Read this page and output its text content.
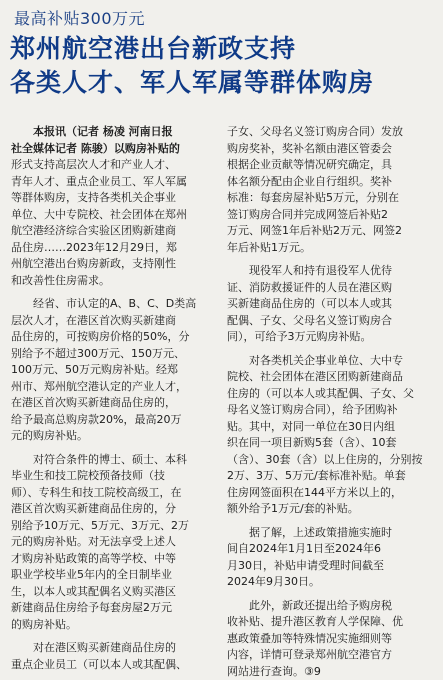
最高补贴300万元
郑州航空港出台新政支持
各类人才、军人军属等群体购房
本报讯（记者 杨凌 河南日报
社全媒体记者 陈骏）以购房补贴的
形式支持高层次人才和产业人才、
青年人才、重点企业员工、军人军属
等群体购房，支持各类机关企事业
单位、大中专院校、社会团体在郑州
航空港经济综合实验区团购新建商
品住房……2023年12月29日，郑
州航空港出台购房新政，支持刚性
和改善性住房需求。
经省、市认定的A、B、C、D类高
层次人才，在港区首次购买新建商
品住房的，可按购房价格的50%，分
别给予不超过300万元、150万元、
100万元、50万元购房补贴。经郑
州市、郑州航空港认定的产业人才，
在港区首次购买新建商品住房的，
给予最高总购房款20%，最高20万
元的购房补贴。
对符合条件的博士、硕士、本科
毕业生和技工院校预备技师（技
师）、专科生和技工院校高级工，在
港区首次购买新建商品住房的，分
别给予10万元、5万元、3万元、2万
元的购房补贴。对无法享受上述人
才购房补贴政策的高等学校、中等
职业学校毕业5年内的全日制毕业
生，以本人或其配偶名义购买港区
新建商品住房给予每套房屋2万元
的购房补贴。
对在港区购买新建商品住房的
重点企业员工（可以本人或其配偶、
子女、父母名义签订购房合同）发放
购房奖补，奖补名额由港区管委会
根据企业贡献等情况研究确定，具
体名额分配由企业自行组织。奖补
标准：每套房屋补贴5万元，分别在
签订购房合同并完成网签后补贴2
万元、网签1年后补贴2万元、网签2
年后补贴1万元。
现役军人和持有退役军人优待
证、消防救援证件的人员在港区购
买新建商品住房的（可以本人或其
配偶、子女、父母名义签订购房合
同），可给予3万元购房补贴。
对各类机关企事业单位、大中专
院校、社会团体在港区团购新建商品
住房的（可以本人或其配偶、子女、父
母名义签订购房合同），给予团购补
贴。其中，对同一单位在30日内组
织在同一项目新购5套（含）、10套
（含）、30套（含）以上住房的，分别按
2万、3万、5万元/套标准补贴。单套
住房网签面积在144平方米以上的，
额外给予1万元/套的补贴。
据了解，上述政策措施实施时
间自2024年1月1日至2024年6
月30日，补贴申请受理时间截至
2024年9月30日。
此外，新政还提出给予购房税
收补贴、提升港区教育人学保障、优
惠政策叠加等特殊情况实施细则等
内容，详情可登录郑州航空港官方
网站进行查询。③9
